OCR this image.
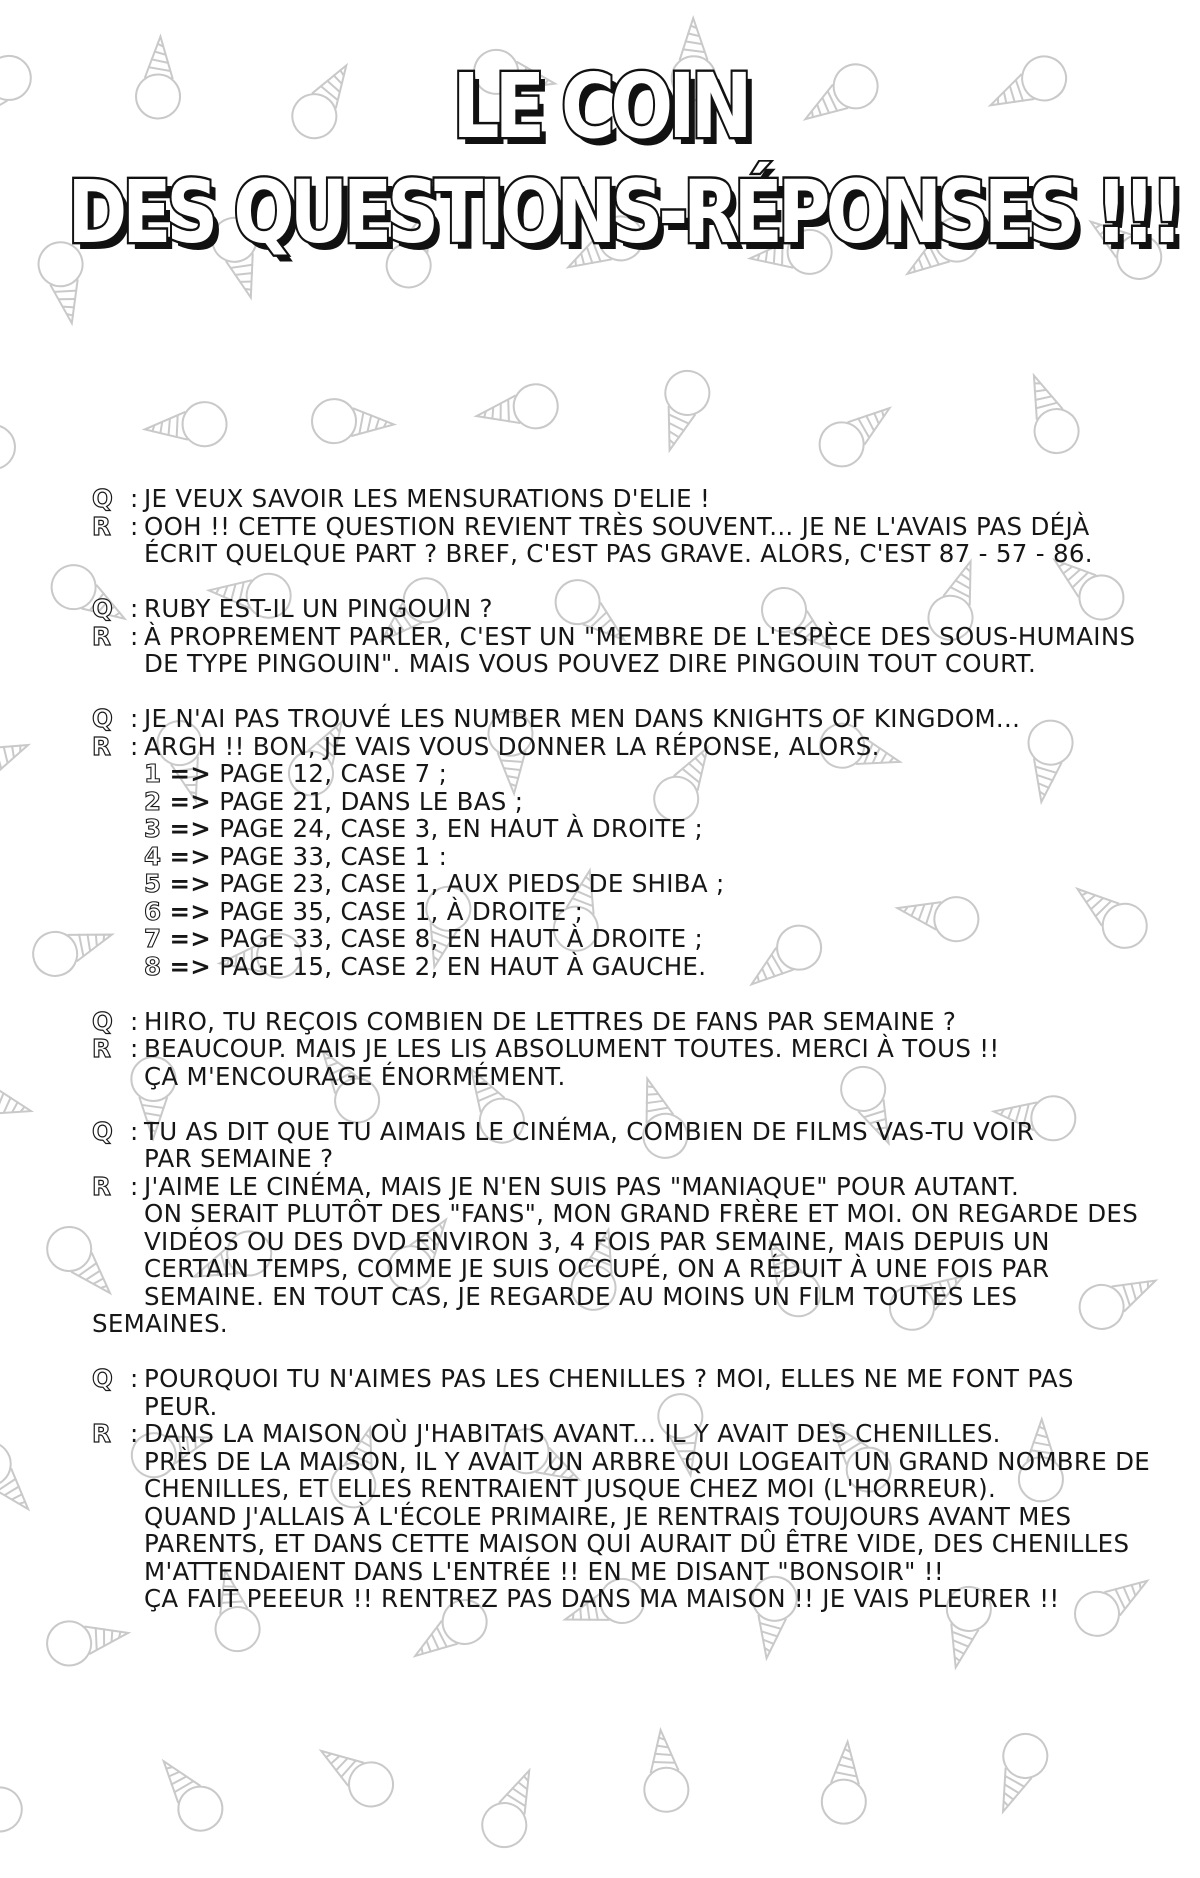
LE COIN
DES QUESTIONS-RÉPONSES !!!
Q : JE VEUX SAVOIR LES MENSURATIONS D'ELIE !
R : OOH !! CETTE QUESTION REVIENT TRÈS SOUVENT... JE NE L'AVAIS PAS DÉJÀ
ÉCRIT QUELQUE PART ? BREF, C'EST PAS GRAVE. ALORS, C'EST 87 - 57 - 86.
Q : RUBY EST-IL UN PINGOUIN ?
R : À PROPREMENT PARLER, C'EST UN "MEMBRE DE L'ESPÈCE DES SOUS-HUMAINS
DE TYPE PINGOUIN". MAIS VOUS POUVEZ DIRE PINGOUIN TOUT COURT.
Q : JE N'AI PAS TROUVÉ LES NUMBER MEN DANS KNIGHTS OF KINGDOM...
R : ARGH !! BON, JE VAIS VOUS DONNER LA RÉPONSE, ALORS.
1 => PAGE 12, CASE 7 ;
2 => PAGE 21, DANS LE BAS ;
3 => PAGE 24, CASE 3, EN HAUT À DROITE ;
4 => PAGE 33, CASE 1 :
5 => PAGE 23, CASE 1, AUX PIEDS DE SHIBA ;
6 => PAGE 35, CASE 1, À DROITE ;
7 => PAGE 33, CASE 8, EN HAUT À DROITE ;
8 => PAGE 15, CASE 2, EN HAUT À GAUCHE.
Q : HIRO, TU REÇOIS COMBIEN DE LETTRES DE FANS PAR SEMAINE ?
R : BEAUCOUP. MAIS JE LES LIS ABSOLUMENT TOUTES. MERCI À TOUS !!
ÇA M'ENCOURAGE ÉNORMÉMENT.
Q : TU AS DIT QUE TU AIMAIS LE CINÉMA, COMBIEN DE FILMS VAS-TU VOIR
PAR SEMAINE ?
R : J'AIME LE CINÉMA, MAIS JE N'EN SUIS PAS "MANIAQUE" POUR AUTANT.
ON SERAIT PLUTÔT DES "FANS", MON GRAND FRÈRE ET MOI. ON REGARDE DES
VIDÉOS OU DES DVD ENVIRON 3, 4 FOIS PAR SEMAINE, MAIS DEPUIS UN
CERTAIN TEMPS, COMME JE SUIS OCCUPÉ, ON A RÉDUIT À UNE FOIS PAR
SEMAINE. EN TOUT CAS, JE REGARDE AU MOINS UN FILM TOUTES LES
SEMAINES.
Q : POURQUOI TU N'AIMES PAS LES CHENILLES ? MOI, ELLES NE ME FONT PAS PEUR.
R : DANS LA MAISON OÙ J'HABITAIS AVANT... IL Y AVAIT DES CHENILLES.
PRÈS DE LA MAISON, IL Y AVAIT UN ARBRE QUI LOGEAIT UN GRAND NOMBRE DE
CHENILLES, ET ELLES RENTRAIENT JUSQUE CHEZ MOI (L'HORREUR).
QUAND J'ALLAIS À L'ÉCOLE PRIMAIRE, JE RENTRAIS TOUJOURS AVANT MES
PARENTS, ET DANS CETTE MAISON QUI AURAIT DÛ ÊTRE VIDE, DES CHENILLES
M'ATTENDAIENT DANS L'ENTRÉE !! EN ME DISANT "BONSOIR" !!
ÇA FAIT PEEEUR !! RENTREZ PAS DANS MA MAISON !! JE VAIS PLEURER !!
